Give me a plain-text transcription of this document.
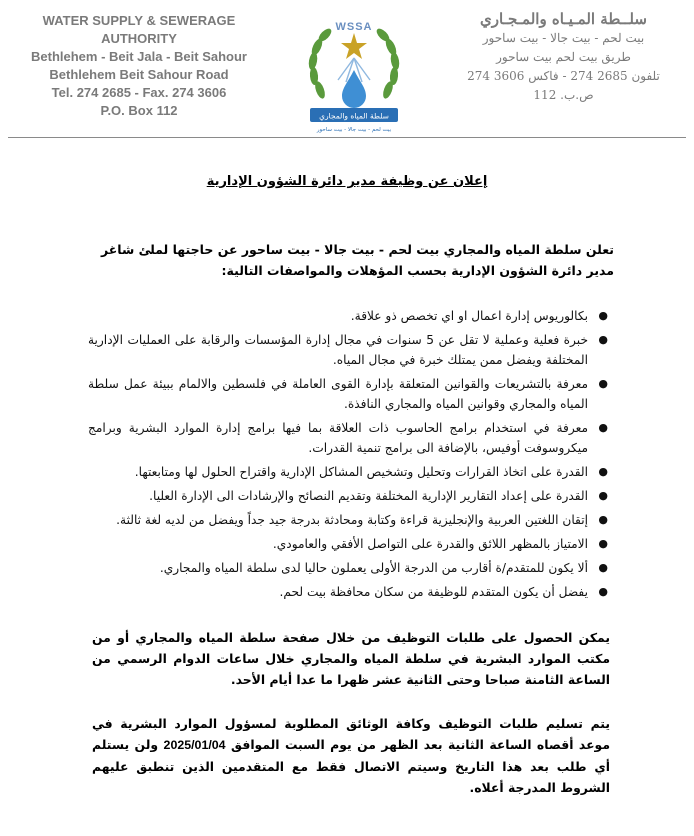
WATER SUPPLY & SEWERAGE AUTHORITY
Bethlehem - Beit Jala - Beit Sahour
Bethlehem Beit Sahour Road
Tel. 274 2685 - Fax. 274 3606
P.O. Box 112
WSSA
سلطة المياه والمجاري
بيت لحم - بيت جالا - بيت ساحور
سلــطة المـيـاه والمـجـاري
بيت لحم - بيت جالا - بيت ساحور
طريق بيت لحم بيت ساحور
تلفون 2685 274 - فاكس 3606 274
ص.ب. 112
إعلان عن وظيفة مدير دائرة الشؤون الإدارية
تعلن سلطة المياه والمجاري بيت لحم - بيت جالا - بيت ساحور عن حاجتها لملئ شاغر مدير دائرة الشؤون الإدارية بحسب المؤهلات والمواصفات التالية:
●
بكالوريوس إدارة اعمال او اي تخصص ذو علاقة.
●
خبرة فعلية وعملية لا تقل عن 5 سنوات في مجال إدارة المؤسسات والرقابة على العمليات الإدارية المختلفة ويفضل ممن يمتلك خبرة في مجال المياه.
●
معرفة بالتشريعات والقوانين المتعلقة بإدارة القوى العاملة في فلسطين والالمام ببيئة عمل سلطة المياه والمجاري وقوانين المياه والمجاري النافذة.
●
معرفة في استخدام برامج الحاسوب ذات العلاقة بما فيها برامج إدارة الموارد البشرية وبرامج ميكروسوفت أوفيس، بالإضافة الى برامج تنمية القدرات.
●
القدرة على اتخاذ القرارات وتحليل وتشخيص المشاكل الإدارية واقتراح الحلول لها ومتابعتها.
●
القدرة على إعداد التقارير الإدارية المختلفة وتقديم النصائح والإرشادات الى الإدارة العليا.
●
إتقان اللغتين العربية والإنجليزية قراءة وكتابة ومحادثة بدرجة جيد جداً ويفضل من لديه لغة ثالثة.
●
الامتياز بالمظهر اللائق والقدرة على التواصل الأفقي والعامودي.
●
ألا يكون للمتقدم/ة أقارب من الدرجة الأولى يعملون حاليا لدى سلطة المياه والمجاري.
●
يفضل أن يكون المتقدم للوظيفة من سكان محافظة بيت لحم.
يمكن الحصول على طلبات التوظيف من خلال صفحة سلطة المياه والمجاري أو من مكتب الموارد البشرية في سلطة المياه والمجاري خلال ساعات الدوام الرسمي من الساعة الثامنة صباحا وحتى الثانية عشر ظهرا ما عدا أيام الأحد.
يتم تسليم طلبات التوظيف وكافة الوثائق المطلوبة لمسؤول الموارد البشرية في موعد أقصاه الساعة الثانية بعد الظهر من يوم السبت الموافق 2025/01/04 ولن يستلم أي طلب بعد هذا التاريخ وسيتم الاتصال فقط مع المتقدمين الذين تنطبق عليهم الشروط المدرجة أعلاه.
